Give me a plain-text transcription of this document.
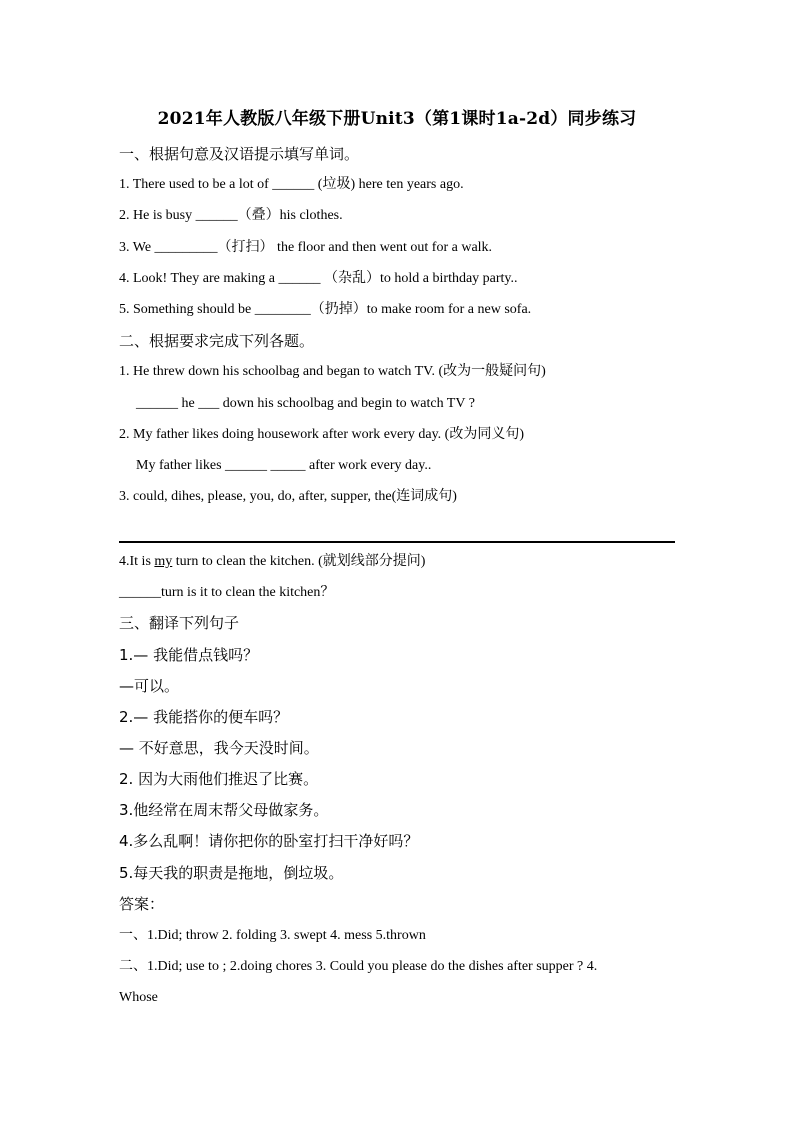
2021年人教版八年级下册Unit3（第1课时1a-2d）同步练习
一、根据句意及汉语提示填写单词。
1. There used to be a lot of ______ (垃圾) here ten years ago.
2. He is busy ______（叠）his clothes.
3. We _________（打扫） the floor and then went out for a walk.
4. Look! They are making a ______ （杂乱）to hold a birthday party..
5. Something should be ________（扔掉）to make room for a new sofa.
二、根据要求完成下列各题。
1. He threw down his schoolbag and began to watch TV. (改为一般疑问句)
______ he ___ down his schoolbag and begin to watch TV ?
2. My father likes doing housework after work every day. (改为同义句)
My father likes ______ _____ after work every day..
3. could, dihes, please, you, do, after, supper, the(连词成句)
4.It is my turn to clean the kitchen. (就划线部分提问)
______turn is it to clean the kitchen？
三、翻译下列句子
1.— 我能借点钱吗？
—可以。
2.— 我能搭你的便车吗？
— 不好意思，我今天没时间。
2. 因为大雨他们推迟了比赛。
3.他经常在周末帮父母做家务。
4.多么乱啊！请你把你的卧室打扫干净好吗？
5.每天我的职责是拖地，倒垃圾。
答案：
一、1.Did; throw 2. folding 3. swept 4. mess 5.thrown
二、1.Did; use to ; 2.doing chores 3. Could you please do the dishes after supper ? 4.
Whose
